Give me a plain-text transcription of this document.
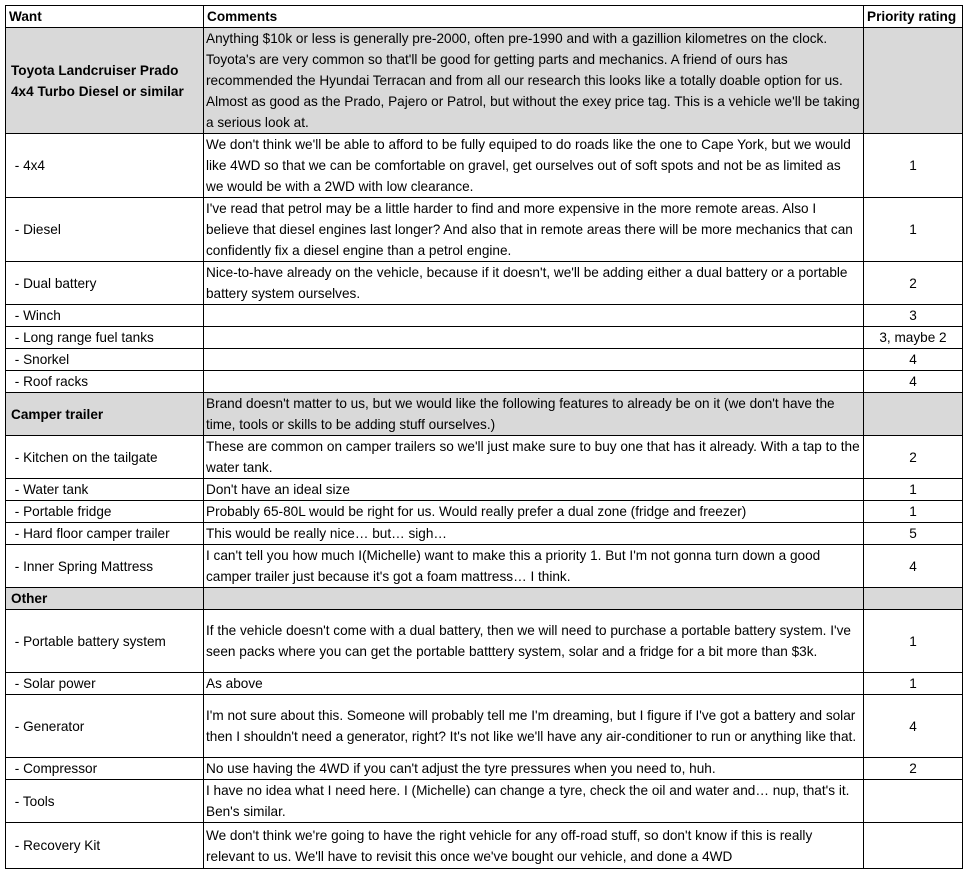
Want	Comments	Priority rating
Toyota Landcruiser Prado 4x4 Turbo Diesel or similar	Anything $10k or less is generally pre-2000, often pre-1990 and with a gazillion kilometres on the clock. Toyota's are very common so that'll be good for getting parts and mechanics. A friend of ours has recommended the Hyundai Terracan and from all our research this looks like a totally doable option for us. Almost as good as the Prado, Pajero or Patrol, but without the exey price tag. This is a vehicle we'll be taking a serious look at.	
- 4x4	We don't think we'll be able to afford to be fully equiped to do roads like the one to Cape York, but we would like 4WD so that we can be comfortable on gravel, get ourselves out of soft spots and not be as limited as we would be with a 2WD with low clearance.	1
- Diesel	I've read that petrol may be a little harder to find and more expensive in the more remote areas. Also I believe that diesel engines last longer? And also that in remote areas there will be more mechanics that can confidently fix a diesel engine than a petrol engine.	1
- Dual battery	Nice-to-have already on the vehicle, because if it doesn't, we'll be adding either a dual battery or a portable battery system ourselves.	2
- Winch		3
- Long range fuel tanks		3, maybe 2
- Snorkel		4
- Roof racks		4
Camper trailer	Brand doesn't matter to us, but we would like the following features to already be on it (we don't have the time, tools or skills to be adding stuff ourselves.)	
- Kitchen on the tailgate	These are common on camper trailers so we'll just make sure to buy one that has it already. With a tap to the water tank.	2
- Water tank	Don't have an ideal size	1
- Portable fridge	Probably 65-80L would be right for us. Would really prefer a dual zone (fridge and freezer)	1
- Hard floor camper trailer	This would be really nice… but… sigh…	5
- Inner Spring Mattress	I can't tell you how much I(Michelle) want to make this a priority 1. But I'm not gonna turn down a good camper trailer just because it's got a foam mattress… I think.	4
Other		
- Portable battery system	If the vehicle doesn't come with a dual battery, then we will need to purchase a portable battery system. I've seen packs where you can get the portable batttery system, solar and a fridge for a bit more than $3k.	1
- Solar power	As above	1
- Generator	I'm not sure about this. Someone will probably tell me I'm dreaming, but I figure if I've got a battery and solar then I shouldn't need a generator, right? It's not like we'll have any air-conditioner to run or anything like that.	4
- Compressor	No use having the 4WD if you can't adjust the tyre pressures when you need to, huh.	2
- Tools	I have no idea what I need here. I (Michelle) can change a tyre, check the oil and water and… nup, that's it. Ben's similar.	
- Recovery Kit	We don't think we're going to have the right vehicle for any off-road stuff, so don't know if this is really relevant to us. We'll have to revisit this once we've bought our vehicle, and done a 4WD	
